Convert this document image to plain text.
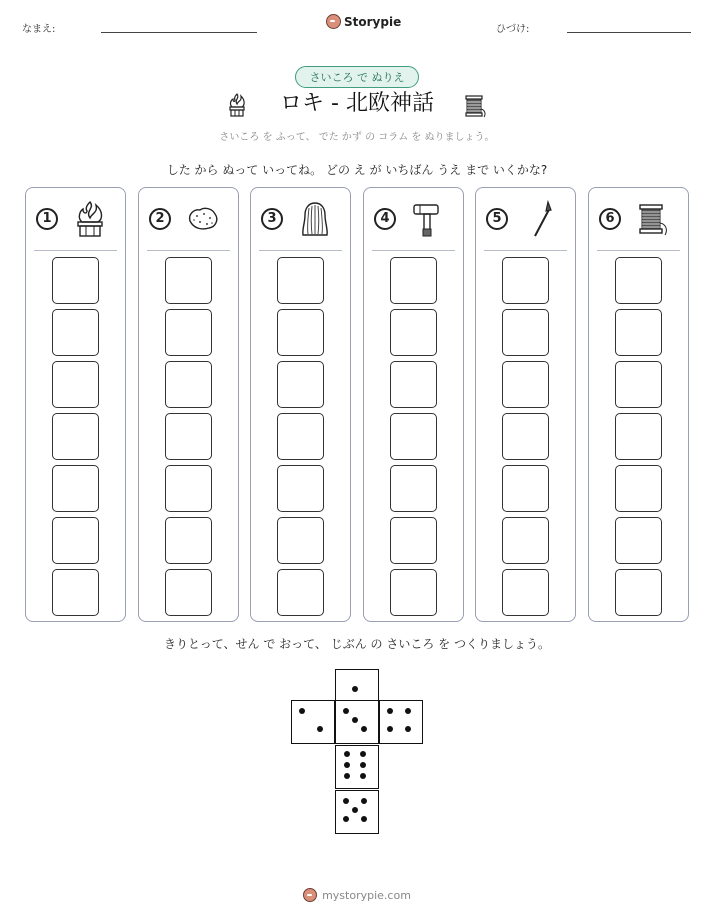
なまえ:
Storypie
ひづけ:
さいころ で ぬりえ
ロキ - 北欧神話
さいころ を ふって、 でた かず の コラム を ぬりましょう。
した から ぬって いってね。 どの え が いちばん うえ まで いくかな?
1	2	3	4	5	6
きりとって、せん で おって、 じぶん の さいころ を つくりましょう。
mystorypie.com
